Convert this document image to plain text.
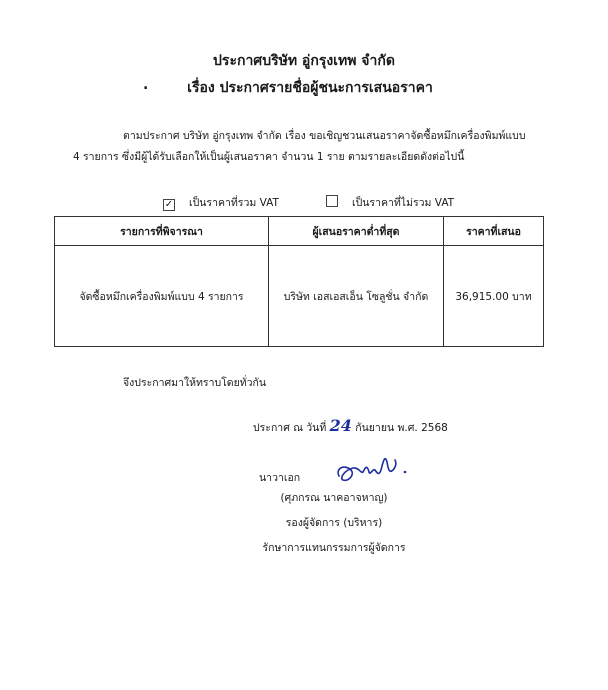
ประกาศบริษัท อู่กรุงเทพ จำกัด
.	เรื่อง ประกาศรายชื่อผู้ชนะการเสนอราคา
ตามประกาศ บริษัท อู่กรุงเทพ จำกัด เรื่อง ขอเชิญชวนเสนอราคาจัดซื้อหมึกเครื่องพิมพ์แบบ
4 รายการ ซึ่งมีผู้ได้รับเลือกให้เป็นผู้เสนอราคา จำนวน 1 ราย ตามรายละเอียดดังต่อไปนี้
✓ เป็นราคาที่รวม VAT	เป็นราคาที่ไม่รวม VAT
รายการที่พิจารณา	ผู้เสนอราคาต่ำที่สุด	ราคาที่เสนอ
จัดซื้อหมึกเครื่องพิมพ์แบบ 4 รายการ	บริษัท เอสเอสเอ็น โซลูชั่น จำกัด	36,915.00 บาท
จึงประกาศมาให้ทราบโดยทั่วกัน
ประกาศ ณ วันที่ 24 กันยายน พ.ศ. 2568
นาวาเอก
(ศุภกรณ นาคอาจหาญ)
รองผู้จัดการ (บริหาร)
รักษาการแทนกรรมการผู้จัดการ
